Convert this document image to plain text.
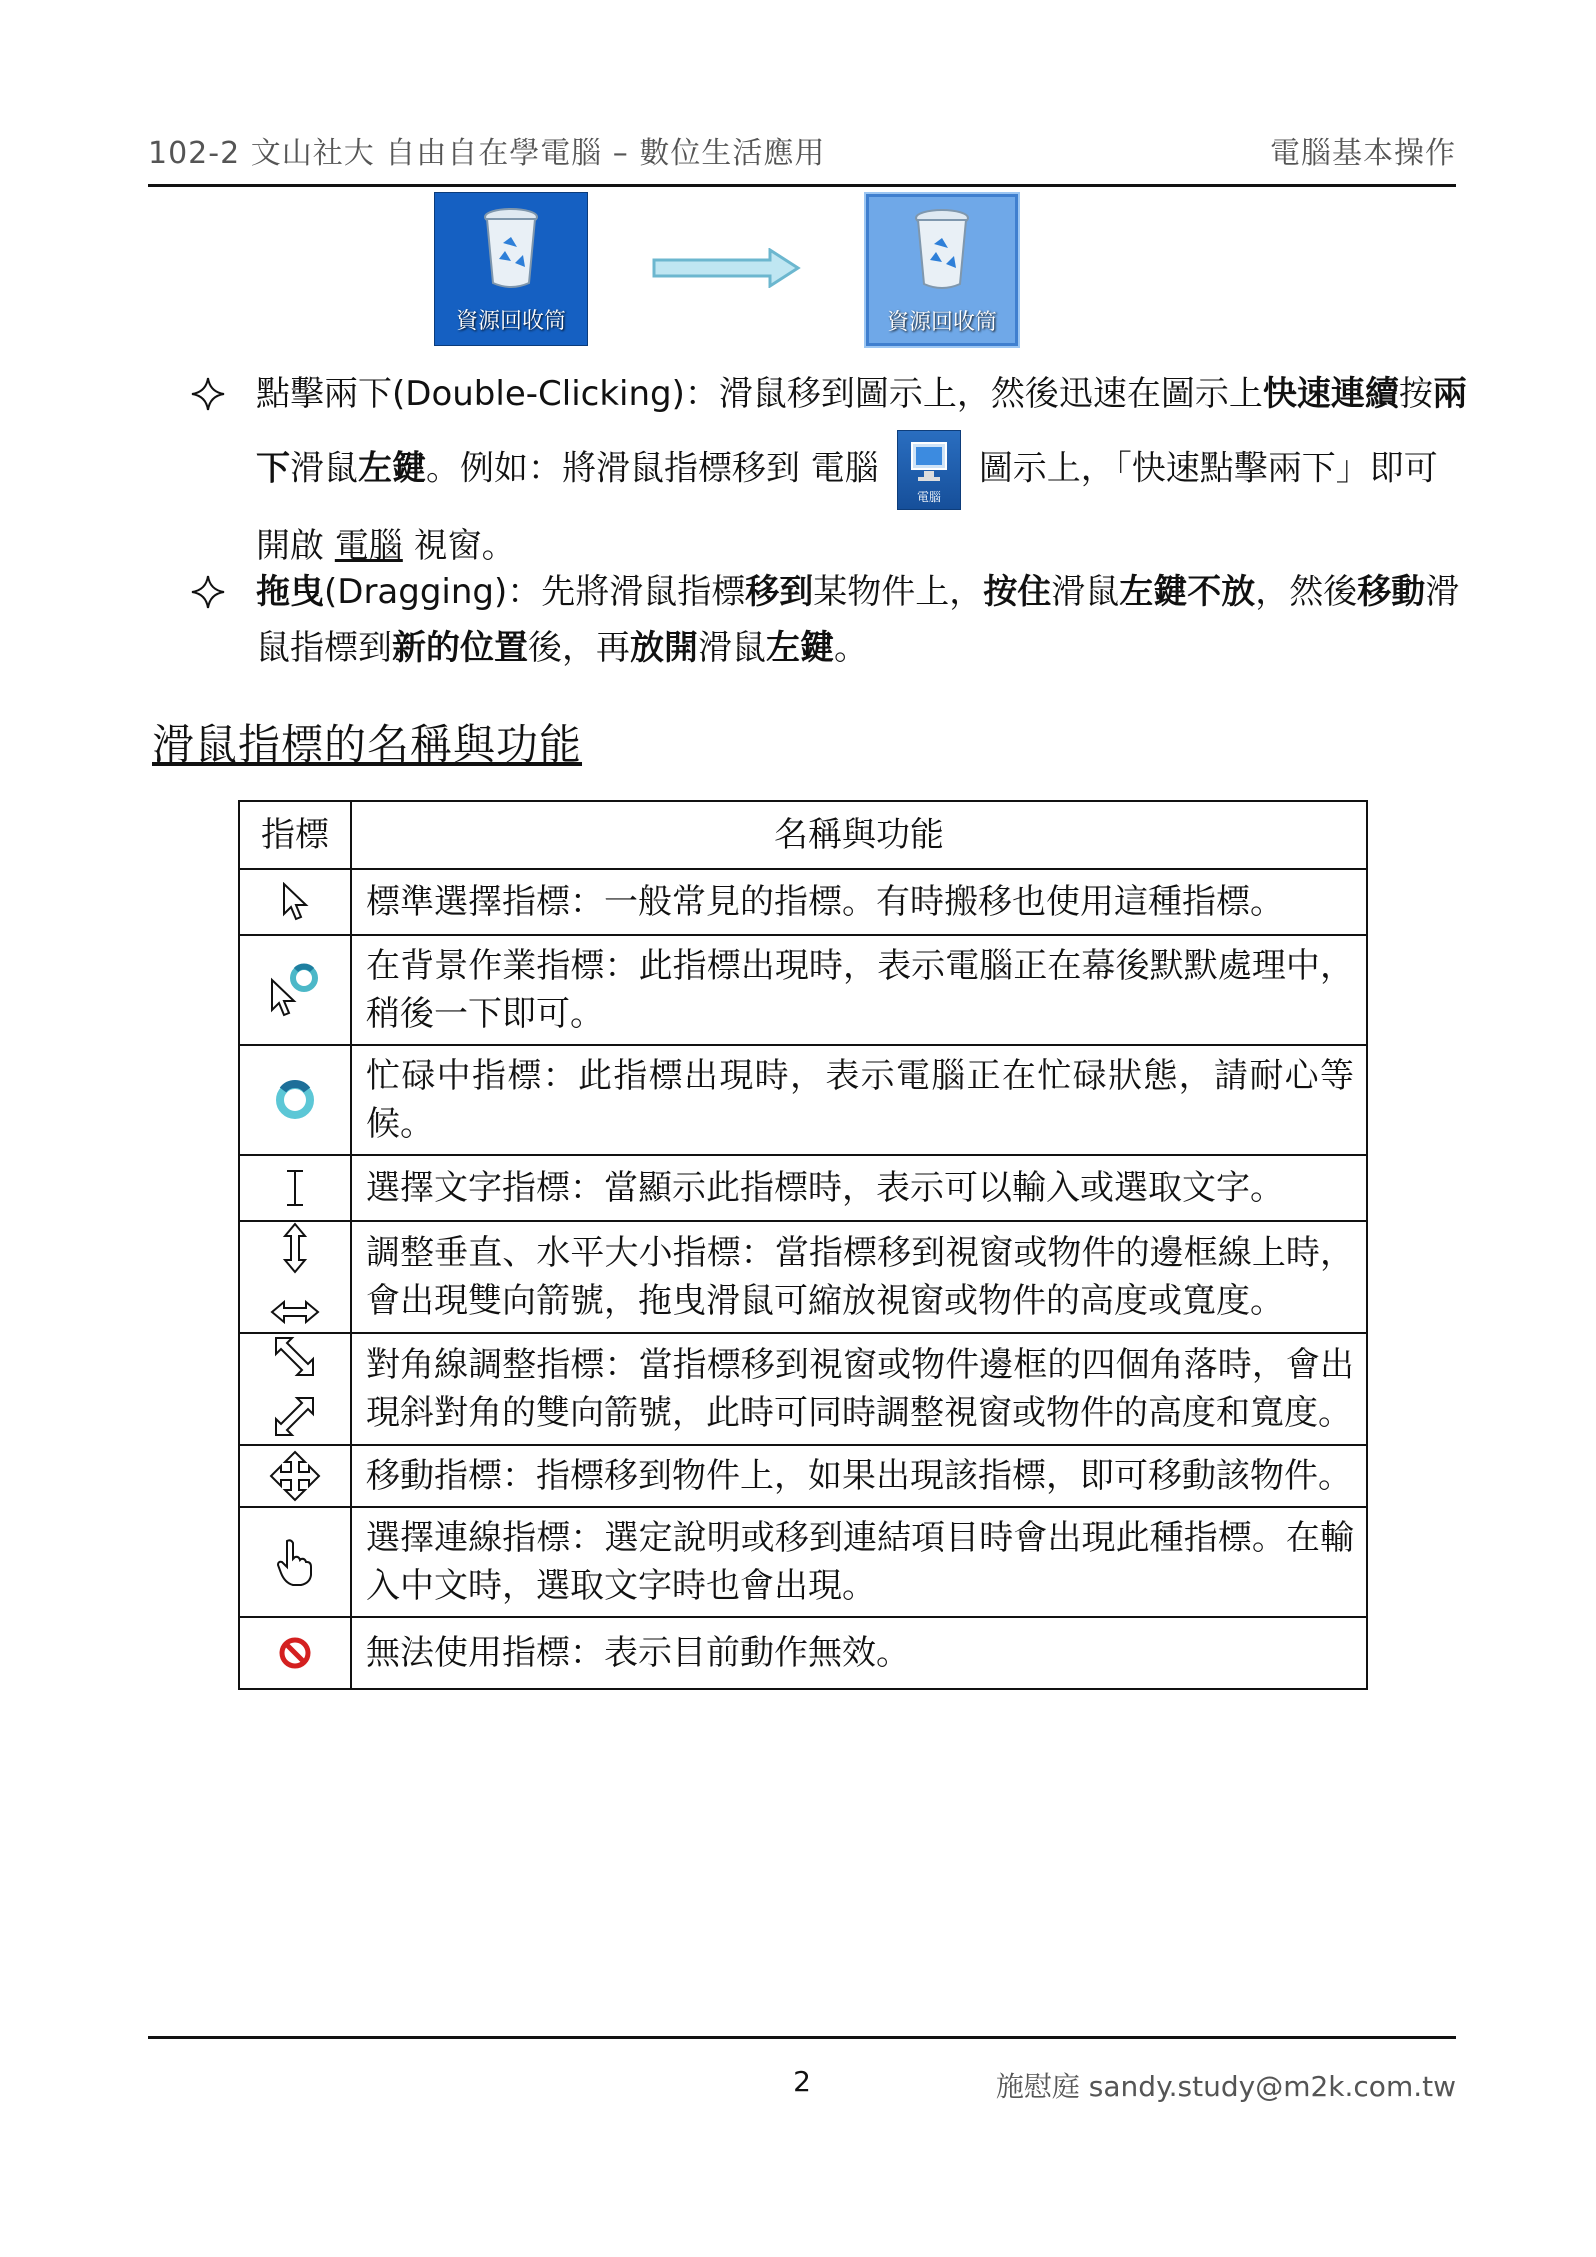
102-2 文山社大 自由自在學電腦 – 數位生活應用	電腦基本操作
資源回收筒	資源回收筒
點擊兩下(Double-Clicking)：滑鼠移到圖示上，然後迅速在圖示上快速連續按兩下滑鼠左鍵。例如：將滑鼠指標移到 電腦
電腦
圖示上，「快速點擊兩下」即可開啟 電腦 視窗。
拖曳(Dragging)：先將滑鼠指標移到某物件上，按住滑鼠左鍵不放，然後移動滑鼠指標到新的位置後，再放開滑鼠左鍵。
滑鼠指標的名稱與功能
指標	名稱與功能

	標準選擇指標：一般常見的指標。有時搬移也使用這種指標。

	在背景作業指標：此指標出現時，表示電腦正在幕後默默處理中，稍後一下即可。

	忙碌中指標：此指標出現時，表示電腦正在忙碌狀態，請耐心等候。

	選擇文字指標：當顯示此指標時，表示可以輸入或選取文字。

	調整垂直、水平大小指標：當指標移到視窗或物件的邊框線上時，會出現雙向箭號，拖曳滑鼠可縮放視窗或物件的高度或寬度。

	對角線調整指標：當指標移到視窗或物件邊框的四個角落時，會出現斜對角的雙向箭號，此時可同時調整視窗或物件的高度和寬度。

	移動指標：指標移到物件上，如果出現該指標，即可移動該物件。

	選擇連線指標：選定說明或移到連結項目時會出現此種指標。在輸入中文時，選取文字時也會出現。

	無法使用指標：表示目前動作無效。
2	施慰庭 sandy.study@m2k.com.tw
